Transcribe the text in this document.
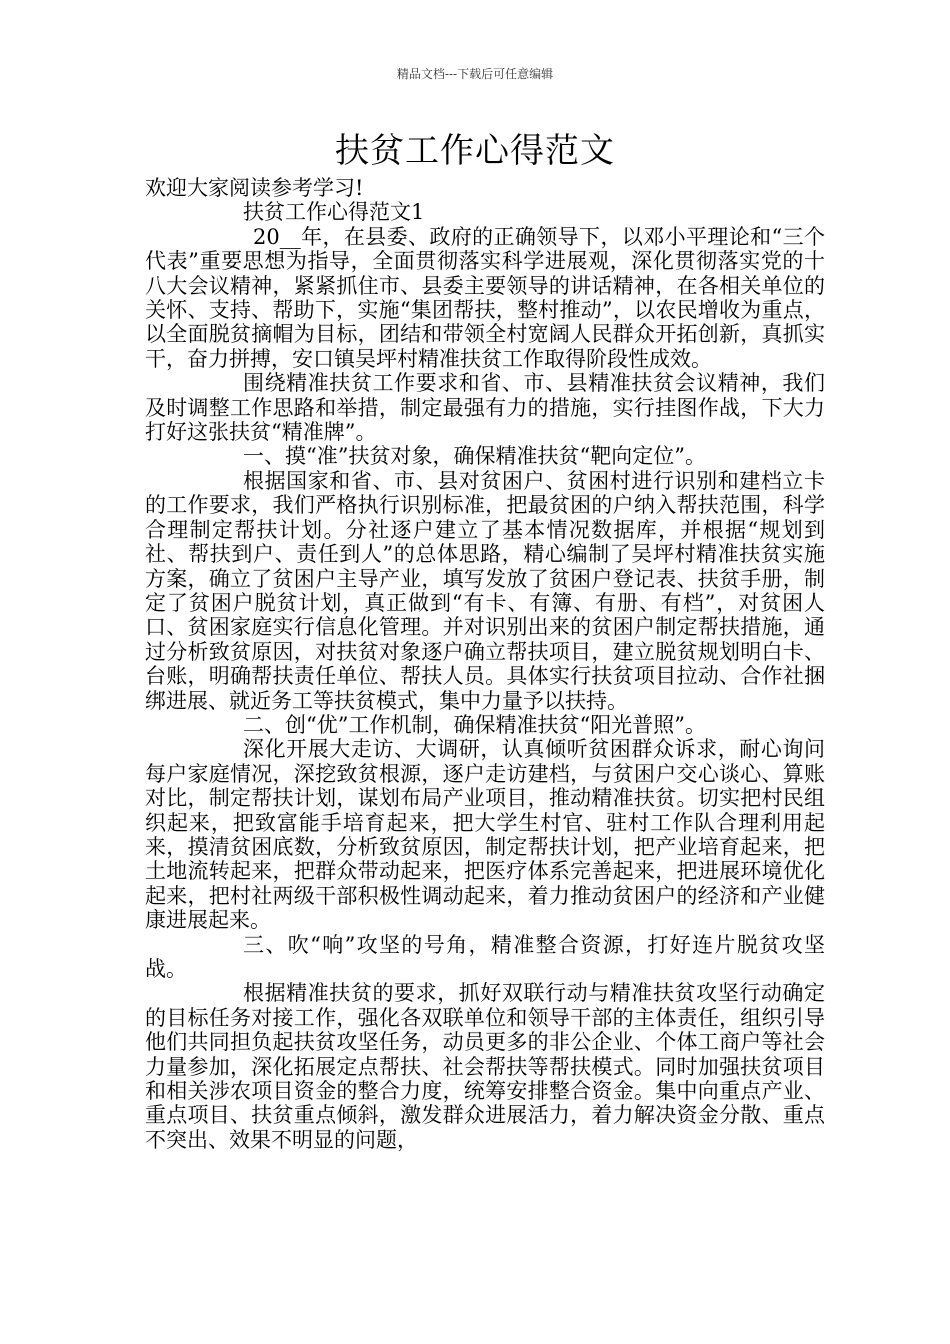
精品文档---下载后可任意编辑
扶贫工作心得范文

欢迎大家阅读参考学习!

扶贫工作心得范文1

20__年，在县委、政府的正确领导下，以邓小平理论和“三个代表”重要思想为指导，全面贯彻落实科学进展观，深化贯彻落实党的十八大会议精神，紧紧抓住市、县委主要领导的讲话精神，在各相关单位的关怀、支持、帮助下，实施“集团帮扶，整村推动”，以农民增收为重点，以全面脱贫摘帽为目标，团结和带领全村宽阔人民群众开拓创新，真抓实干，奋力拼搏，安口镇吴坪村精准扶贫工作取得阶段性成效。

围绕精准扶贫工作要求和省、市、县精准扶贫会议精神，我们及时调整工作思路和举措，制定最强有力的措施，实行挂图作战，下大力打好这张扶贫“精准牌”。

一、摸“准”扶贫对象，确保精准扶贫“靶向定位”。

根据国家和省、市、县对贫困户、贫困村进行识别和建档立卡的工作要求，我们严格执行识别标准，把最贫困的户纳入帮扶范围，科学合理制定帮扶计划。分社逐户建立了基本情况数据库，并根据“规划到社、帮扶到户、责任到人”的总体思路，精心编制了吴坪村精准扶贫实施方案，确立了贫困户主导产业，填写发放了贫困户登记表、扶贫手册，制定了贫困户脱贫计划，真正做到“有卡、有簿、有册、有档”，对贫困人口、贫困家庭实行信息化管理。并对识别出来的贫困户制定帮扶措施，通过分析致贫原因，对扶贫对象逐户确立帮扶项目，建立脱贫规划明白卡、台账，明确帮扶责任单位、帮扶人员。具体实行扶贫项目拉动、合作社捆绑进展、就近务工等扶贫模式，集中力量予以扶持。

二、创“优”工作机制，确保精准扶贫“阳光普照”。

深化开展大走访、大调研，认真倾听贫困群众诉求，耐心询问每户家庭情况，深挖致贫根源，逐户走访建档，与贫困户交心谈心、算账对比，制定帮扶计划，谋划布局产业项目，推动精准扶贫。切实把村民组织起来，把致富能手培育起来，把大学生村官、驻村工作队合理利用起来，摸清贫困底数，分析致贫原因，制定帮扶计划，把产业培育起来，把土地流转起来，把群众带动起来，把医疗体系完善起来，把进展环境优化起来，把村社两级干部积极性调动起来，着力推动贫困户的经济和产业健康进展起来。

三、吹“响”攻坚的号角，精准整合资源，打好连片脱贫攻坚战。

根据精准扶贫的要求，抓好双联行动与精准扶贫攻坚行动确定的目标任务对接工作，强化各双联单位和领导干部的主体责任，组织引导他们共同担负起扶贫攻坚任务，动员更多的非公企业、个体工商户等社会力量参加，深化拓展定点帮扶、社会帮扶等帮扶模式。同时加强扶贫项目和相关涉农项目资金的整合力度，统筹安排整合资金。集中向重点产业、重点项目、扶贫重点倾斜，激发群众进展活力，着力解决资金分散、重点不突出、效果不明显的问题，
